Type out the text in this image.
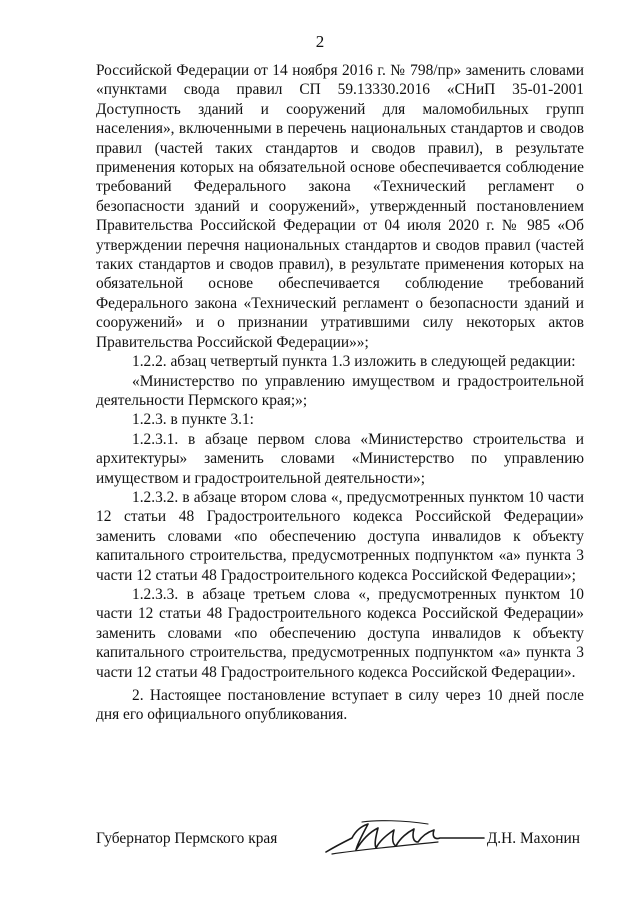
2

Российской Федерации от 14 ноября 2016 г. № 798/пр» заменить словами «пунктами свода правил СП 59.13330.2016 «СНиП 35-01-2001 Доступность зданий и сооружений для маломобильных групп населения», включенными в перечень национальных стандартов и сводов правил (частей таких стандартов и сводов правил), в результате применения которых на обязательной основе обеспечивается соблюдение требований Федерального закона «Технический регламент о безопасности зданий и сооружений», утвержденный постановлением Правительства Российской Федерации от 04 июля 2020 г. № 985 «Об утверждении перечня национальных стандартов и сводов правил (частей таких стандартов и сводов правил), в результате применения которых на обязательной основе обеспечивается соблюдение требований Федерального закона «Технический регламент о безопасности зданий и сооружений» и о признании утратившими силу некоторых актов Правительства Российской Федерации»»;

1.2.2. абзац четвертый пункта 1.3 изложить в следующей редакции:

«Министерство по управлению имуществом и градостроительной деятельности Пермского края;»;

1.2.3. в пункте 3.1:

1.2.3.1. в абзаце первом слова «Министерство строительства и архитектуры» заменить словами «Министерство по управлению имуществом и градостроительной деятельности»;

1.2.3.2. в абзаце втором слова «, предусмотренных пунктом 10 части 12 статьи 48 Градостроительного кодекса Российской Федерации» заменить словами «по обеспечению доступа инвалидов к объекту капитального строительства, предусмотренных подпунктом «а» пункта 3 части 12 статьи 48 Градостроительного кодекса Российской Федерации»;

1.2.3.3. в абзаце третьем слова «, предусмотренных пунктом 10 части 12 статьи 48 Градостроительного кодекса Российской Федерации» заменить словами «по обеспечению доступа инвалидов к объекту капитального строительства, предусмотренных подпунктом «а» пункта 3 части 12 статьи 48 Градостроительного кодекса Российской Федерации».

2. Настоящее постановление вступает в силу через 10 дней после дня его официального опубликования.

Губернатор Пермского края	Д.Н. Махонин
